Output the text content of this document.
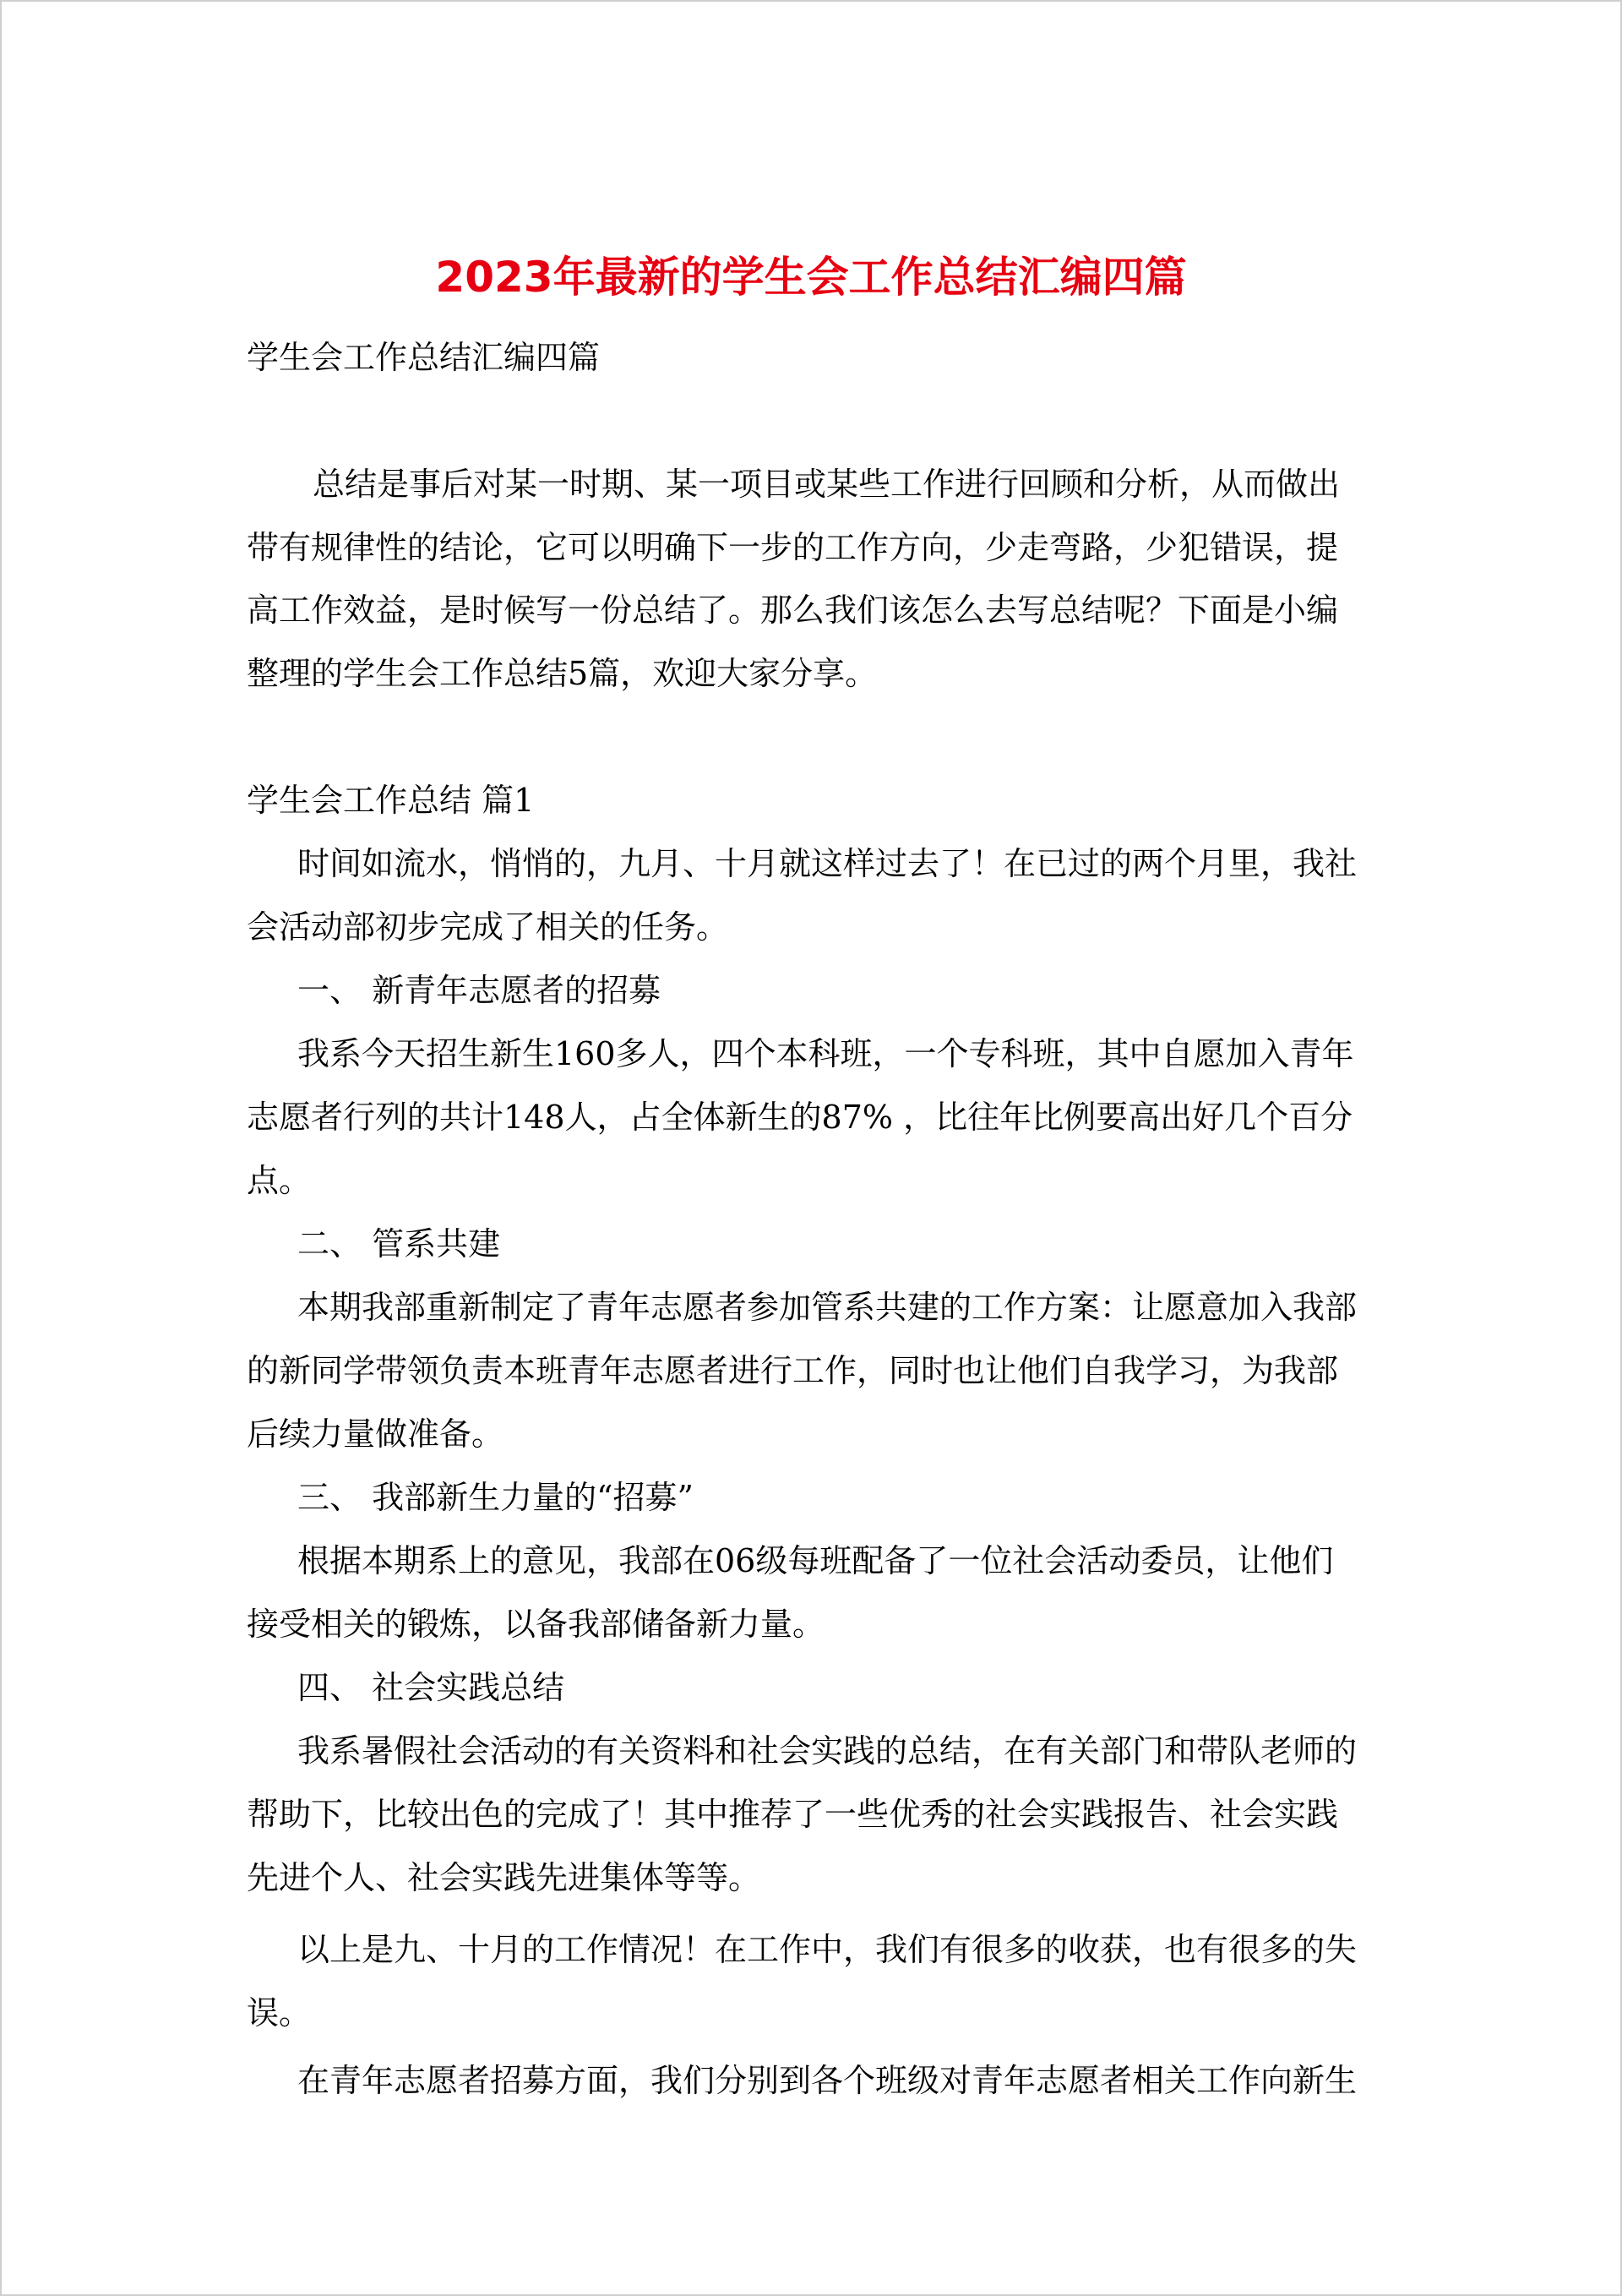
2023年最新的学生会工作总结汇编四篇

学生会工作总结汇编四篇

总结是事后对某一时期、某一项目或某些工作进行回顾和分析，从而做出

带有规律性的结论，它可以明确下一步的工作方向，少走弯路，少犯错误，提

高工作效益，是时候写一份总结了。那么我们该怎么去写总结呢？下面是小编

整理的学生会工作总结5篇，欢迎大家分享。

学生会工作总结 篇1

时间如流水，悄悄的，九月、十月就这样过去了！在已过的两个月里，我社

会活动部初步完成了相关的任务。

一、 新青年志愿者的招募

我系今天招生新生160多人，四个本科班，一个专科班，其中自愿加入青年

志愿者行列的共计148人，占全体新生的87% ，比往年比例要高出好几个百分

点。

二、 管系共建

本期我部重新制定了青年志愿者参加管系共建的工作方案：让愿意加入我部

的新同学带领负责本班青年志愿者进行工作，同时也让他们自我学习，为我部

后续力量做准备。

三、 我部新生力量的“招募”

根据本期系上的意见，我部在06级每班配备了一位社会活动委员，让他们

接受相关的锻炼，以备我部储备新力量。

四、 社会实践总结

我系暑假社会活动的有关资料和社会实践的总结，在有关部门和带队老师的

帮助下，比较出色的完成了！其中推荐了一些优秀的社会实践报告、社会实践

先进个人、社会实践先进集体等等。

以上是九、十月的工作情况！在工作中，我们有很多的收获，也有很多的失

误。

在青年志愿者招募方面，我们分别到各个班级对青年志愿者相关工作向新生
